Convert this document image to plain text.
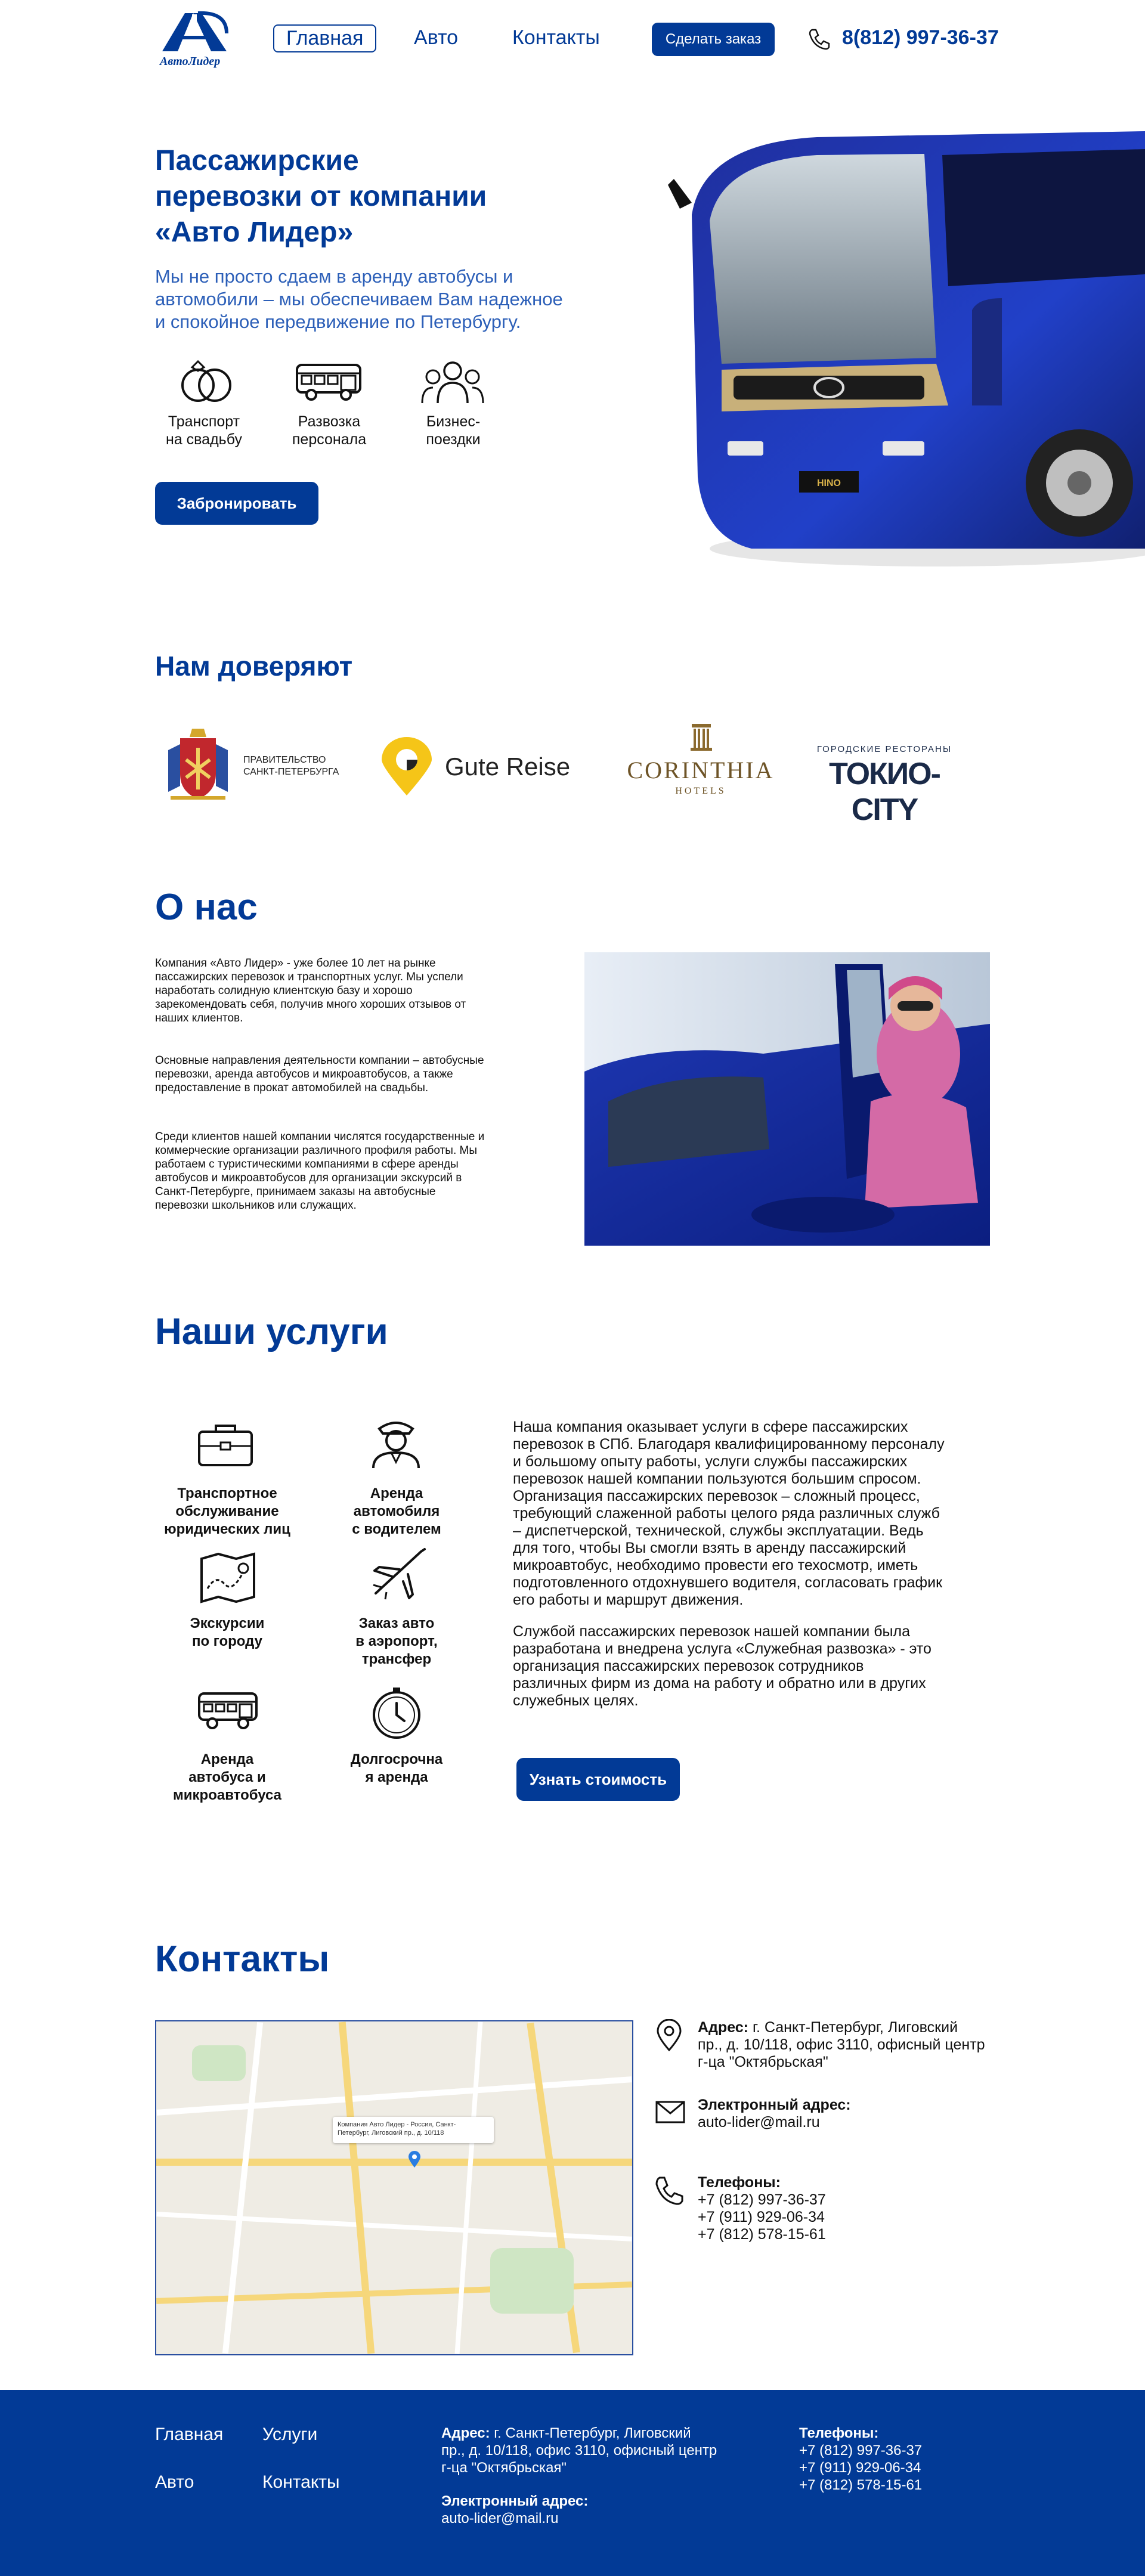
АвтоЛидер
Главная	Авто	Контакты	Сделать заказ	8(812) 997-36-37
Пассажирские
перевозки от компании
«Авто Лидер»
Мы не просто сдаем в аренду автобусы и
автомобили – мы обеспечиваем Вам надежное
и спокойное передвижение по Петербургу.
Транспорт
на свадьбу
Развозка
персонала
Бизнес-
поездки
Забронировать
HINO
Нам доверяют
ПРАВИТЕЛЬСТВО
САНКТ-ПЕТЕРБУРГА	Gute Reise CORINTHIA
HOTELS
ГОРОДСКИЕ РЕСТОРАНЫ
ТОКИО-CITY
О нас
Компания «Авто Лидер» - уже более 10 лет на рынке
пассажирских перевозок и транспортных услуг. Мы успели
наработать солидную клиентскую базу и хорошо
зарекомендовать себя, получив много хороших отзывов от
наших клиентов.
Основные направления деятельности компании – автобусные
перевозки, аренда автобусов и микроавтобусов, а также
предоставление в прокат автомобилей на свадьбы.
Среди клиентов нашей компании числятся государственные и
коммерческие организации различного профиля работы. Мы
работаем с туристическими компаниями в сфере аренды
автобусов и микроавтобусов для организации экскурсий в
Санкт-Петербурге, принимаем заказы на автобусные
перевозки школьников или служащих.
Наши услуги
Транспортное
обслуживание
юридических лиц
Аренда
автомобиля
с водителем
Экскурсии
по городу
Заказ авто
в аэропорт,
трансфер
Аренда
автобуса и
микроавтобуса
Долгосрочна
я аренда
Наша компания оказывает услуги в сфере пассажирских
перевозок в СПб. Благодаря квалифицированному персоналу
и большому опыту работы, услуги службы пассажирских
перевозок нашей компании пользуются большим спросом.
Организация пассажирских перевозок – сложный процесс,
требующий слаженной работы целого ряда различных служб
– диспетчерской, технической, службы эксплуатации. Ведь
для того, чтобы Вы смогли взять в аренду пассажирский
микроавтобус, необходимо провести его техосмотр, иметь
подготовленного отдохнувшего водителя, согласовать график
его работы и маршрут движения.
Службой пассажирских перевозок нашей компании была
разработана и внедрена услуга «Служебная развозка» - это
организация пассажирских перевозок сотрудников
различных фирм из дома на работу и обратно или в других
служебных целях.
Узнать стоимость
Контакты
Компания Авто Лидер - Россия, Санкт-
Петербург, Лиговский пр., д. 10/118
Адрес: г. Санкт-Петербург, Лиговский
пр., д. 10/118, офис 3110, офисный центр
г-ца "Октябрьская"
Электронный адрес:
auto-lider@mail.ru
Телефоны:
+7 (812) 997-36-37
+7 (911) 929-06-34
+7 (812) 578-15-61
Главная Услуги
Авто	Контакты
Адрес: г. Санкт-Петербург, Лиговский
пр., д. 10/118, офис 3110, офисный центр
г-ца "Октябрьская"
Электронный адрес:
auto-lider@mail.ru
Телефоны:
+7 (812) 997-36-37
+7 (911) 929-06-34
+7 (812) 578-15-61
